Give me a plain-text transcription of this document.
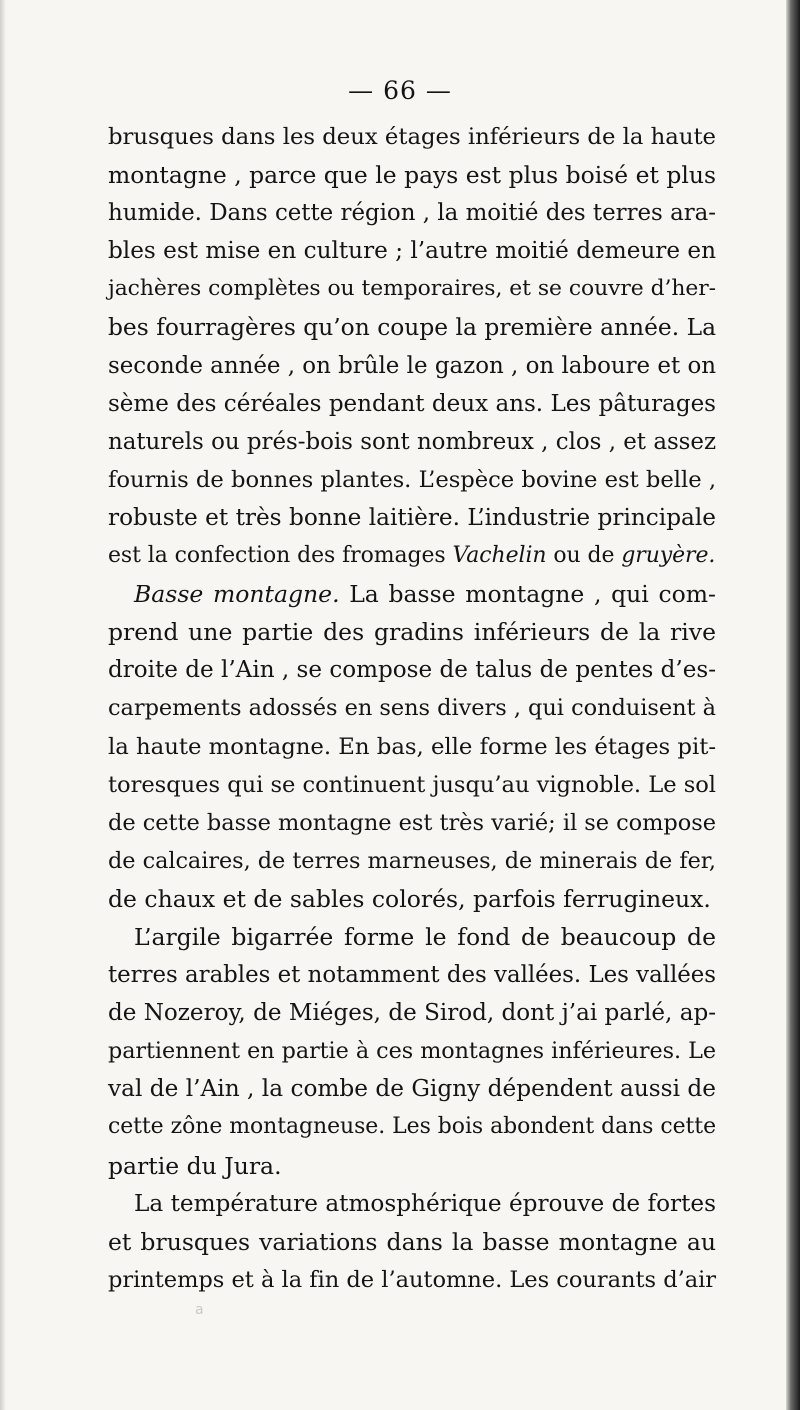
— 66 —
brusques dans les deux étages inférieurs de la haute
montagne , parce que le pays est plus boisé et plus
humide. Dans cette région , la moitié des terres ara-
bles est mise en culture ; l’autre moitié demeure en
jachères complètes ou temporaires, et se couvre d’her-
bes fourragères qu’on coupe la première année. La
seconde année , on brûle le gazon , on laboure et on
sème des céréales pendant deux ans. Les pâturages
naturels ou prés-bois sont nombreux , clos , et assez
fournis de bonnes plantes. L’espèce bovine est belle ,
robuste et très bonne laitière. L’industrie principale
est la confection des fromages Vachelin ou de gruyère.
Basse montagne. La basse montagne , qui com-
prend une partie des gradins inférieurs de la rive
droite de l’Ain , se compose de talus de pentes d’es-
carpements adossés en sens divers , qui conduisent à
la haute montagne. En bas, elle forme les étages pit-
toresques qui se continuent jusqu’au vignoble. Le sol
de cette basse montagne est très varié; il se compose
de calcaires, de terres marneuses, de minerais de fer,
de chaux et de sables colorés, parfois ferrugineux.
L’argile bigarrée forme le fond de beaucoup de
terres arables et notamment des vallées. Les vallées
de Nozeroy, de Miéges, de Sirod, dont j’ai parlé, ap-
partiennent en partie à ces montagnes inférieures. Le
val de l’Ain , la combe de Gigny dépendent aussi de
cette zône montagneuse. Les bois abondent dans cette
partie du Jura.
La température atmosphérique éprouve de fortes
et brusques variations dans la basse montagne au
printemps et à la fin de l’automne. Les courants d’air
a
